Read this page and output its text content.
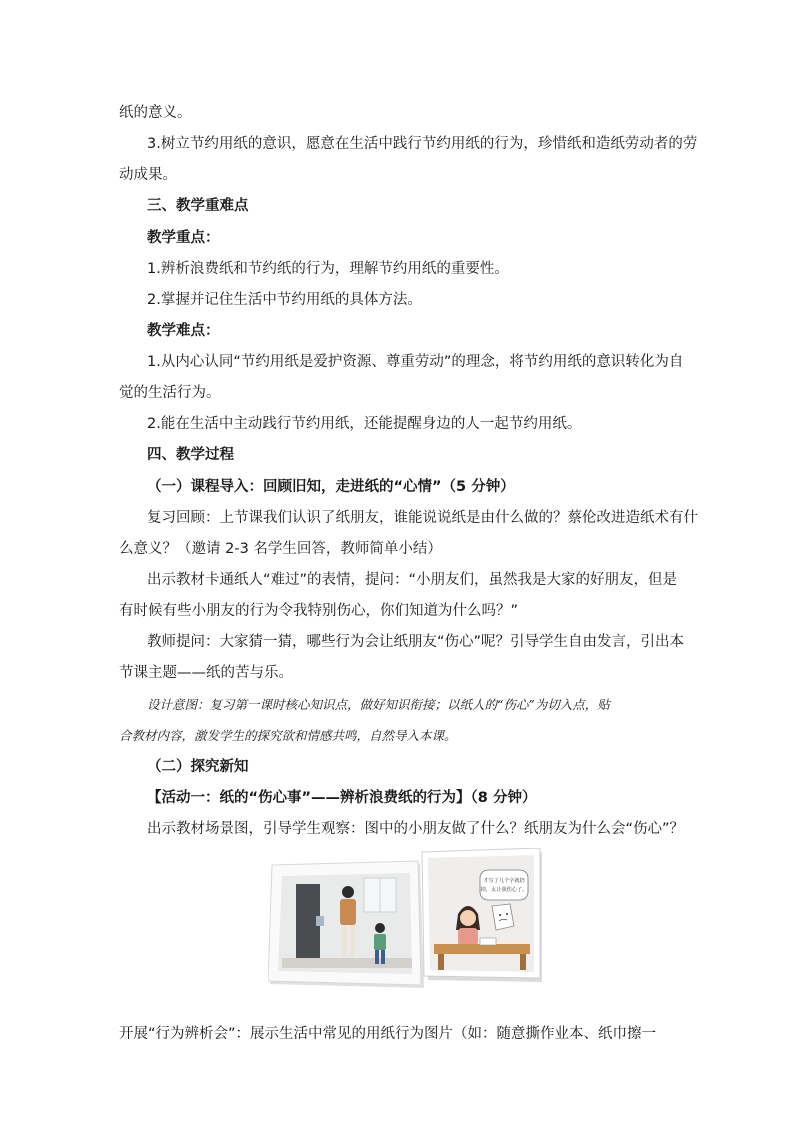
纸的意义。
3.树立节约用纸的意识，愿意在生活中践行节约用纸的行为，珍惜纸和造纸劳动者的劳
动成果。
三、教学重难点
教学重点：
1.辨析浪费纸和节约纸的行为，理解节约用纸的重要性。
2.掌握并记住生活中节约用纸的具体方法。
教学难点：
1.从内心认同“节约用纸是爱护资源、尊重劳动”的理念，将节约用纸的意识转化为自
觉的生活行为。
2.能在生活中主动践行节约用纸，还能提醒身边的人一起节约用纸。
四、教学过程
（一）课程导入：回顾旧知，走进纸的“心情”（5 分钟）
复习回顾：上节课我们认识了纸朋友，谁能说说纸是由什么做的？蔡伦改进造纸术有什
么意义？（邀请 2-3 名学生回答，教师简单小结）
出示教材卡通纸人“难过”的表情，提问：“小朋友们，虽然我是大家的好朋友，但是
有时候有些小朋友的行为令我特别伤心，你们知道为什么吗？”
教师提问：大家猜一猜，哪些行为会让纸朋友“伤心”呢？引导学生自由发言，引出本
节课主题——纸的苦与乐。
设计意图：复习第一课时核心知识点，做好知识衔接；以纸人的“伤心”为切入点，贴
合教材内容，激发学生的探究欲和情感共鸣，自然导入本课。
（二）探究新知
【活动一：纸的“伤心事”——辨析浪费纸的行为】（8 分钟）
出示教材场景图，引导学生观察：图中的小朋友做了什么？纸朋友为什么会“伤心”？
才写了几个字就扔
掉，太让我伤心了。
开展“行为辨析会”：展示生活中常见的用纸行为图片（如：随意撕作业本、纸巾擦一
